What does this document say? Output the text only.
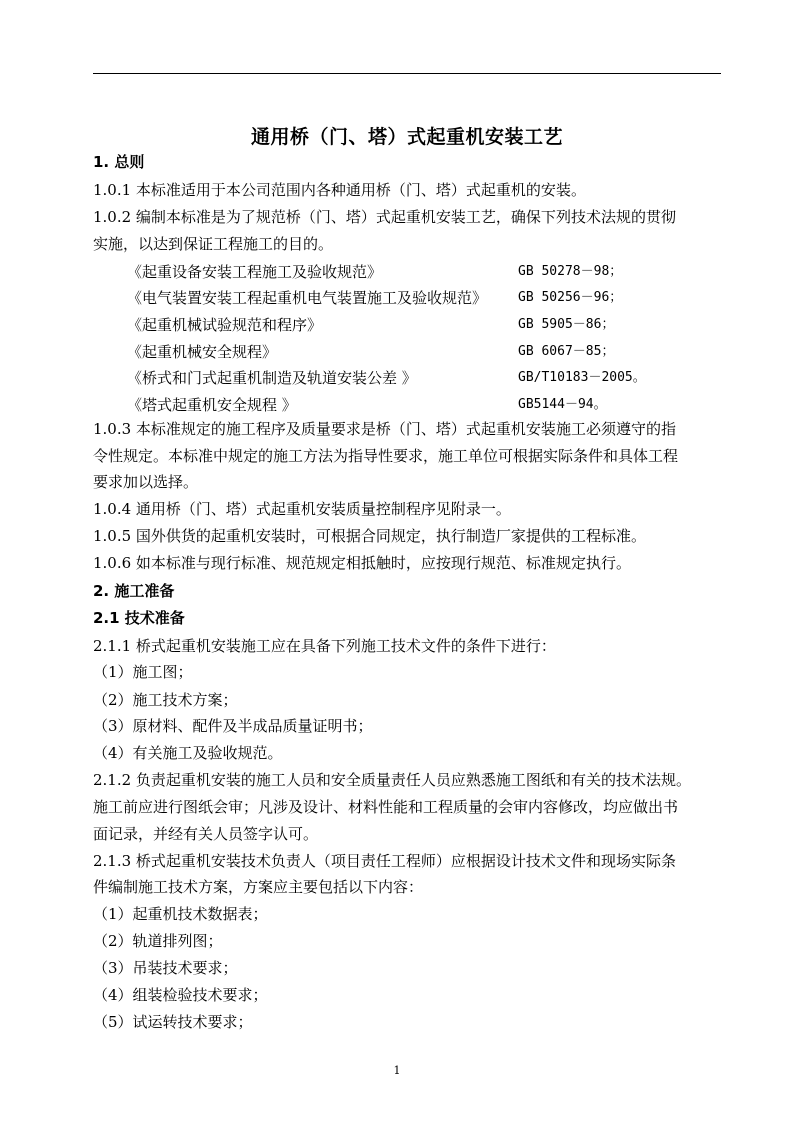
通用桥（门、塔）式起重机安装工艺
1. 总则
1.0.1 本标准适用于本公司范围内各种通用桥（门、塔）式起重机的安装。
1.0.2 编制本标准是为了规范桥（门、塔）式起重机安装工艺，确保下列技术法规的贯彻
实施，以达到保证工程施工的目的。
1.0.3 本标准规定的施工程序及质量要求是桥（门、塔）式起重机安装施工必须遵守的指
令性规定。本标准中规定的施工方法为指导性要求，施工单位可根据实际条件和具体工程
要求加以选择。
1.0.4 通用桥（门、塔）式起重机安装质量控制程序见附录一。
1.0.5 国外供货的起重机安装时，可根据合同规定，执行制造厂家提供的工程标准。
1.0.6 如本标准与现行标准、规范规定相抵触时，应按现行规范、标准规定执行。
2. 施工准备
2.1 技术准备
2.1.1 桥式起重机安装施工应在具备下列施工技术文件的条件下进行：
（1）施工图；
（2）施工技术方案；
（3）原材料、配件及半成品质量证明书；
（4）有关施工及验收规范。
2.1.2 负责起重机安装的施工人员和安全质量责任人员应熟悉施工图纸和有关的技术法规。
施工前应进行图纸会审；凡涉及设计、材料性能和工程质量的会审内容修改，均应做出书
面记录，并经有关人员签字认可。
2.1.3 桥式起重机安装技术负责人（项目责任工程师）应根据设计技术文件和现场实际条
件编制施工技术方案，方案应主要包括以下内容：
（1）起重机技术数据表；
（2）轨道排列图；
（3）吊装技术要求；
（4）组装检验技术要求；
（5）试运转技术要求；
《起重设备安装工程施工及验收规范》	GB 50278－98；
《电气装置安装工程起重机电气装置施工及验收规范》 GB 50256－96；
《起重机械试验规范和程序》	GB 5905－86；
《起重机械安全规程》	GB 6067－85；
《桥式和门式起重机制造及轨道安装公差 》	GB/T10183－2005。
《塔式起重机安全规程 》	GB5144－94。
1
